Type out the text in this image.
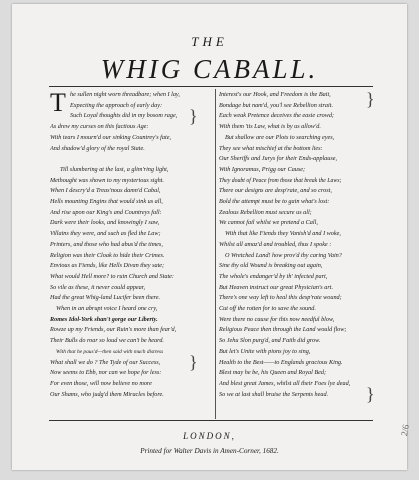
THE
WHIG CABALL.
T he sullen night worn threadbare; when I lay,
Expecting the approach of early day:
Such Loyal thoughts did in my bosom rage,
As drew my curses on this factious Age:
With tears I mourn'd our sinking Countrey's fate,
And shadow'd glory of the royal State.
Till slumbering at the last, a glim'ring light,
Methought was shown to my mysterious sight.
When I descry'd a Treas'nous damn'd Cabal,
Hells mounting Engins that would sink us all,
And rise upon our King's and Countreys fall:
Dark were their looks, and knowingly I saw,
Villains they were, and such as fled the Law;
Printers, and those who had abus'd the times,
Religion was their Cloak to hide their Crimes.
Envious as Fiends, like Hells Divan they sate;
What would Hell more? to ruin Church and State:
So vile as these, it never could appear,
Had the great Whig-land Lucifer been there.
When in an abrupt voice I heard one cry,
Romes Idol-York shan't gorge our Liberty.
Rowze up my Friends, our Ruin's more than fear'd,
Their Bulls do roar so loud we can't be heard.
With that he paus'd—then said with much distress
What shall we do ? The Tyde of our Success,
Now seems to Ebb, nor can we hope for less:
For even those, will now believe no more
Our Shams, who judg'd them Miracles before.
Interest's our Hook, and Freedom is the Bait,
Bondage but nam'd, you'l see Rebellion strait.
Each weak Pretence deceives the easie crowd;
With them 'tis Law, what is by us allow'd.
But shallow are our Plots to searching eyes,
They see what mischief at the bottom lies:
Our Sheriffs and Jurys for their Ends-applause,
With Ignoramus, Prigg our Cause;
They doubt of Peace from those that break the Laws;
There our designs are desp'rate, and so crost,
Bold the attempt must be to gain what's lost:
Zealous Rebellion must secure us all;
We cannot fail whilst we pretend a Call,
With that like Fiends they Vanish'd and I woke,
Whilst all amaz'd and troubled, thus I spoke :
O Wretched Land! how prov'd thy caring Vain?
Sine thy old Wound is breaking out again,
The whole's endanger'd by th' infected part,
But Heaven instruct our great Physician's art.
There's one way left to heal this desp'rate wound;
Cut off the rotten for to save the sound.
Were there no cause for this now needful blow,
Religious Peace then through the Land would flow;
So Jehu Slon purg'd, and Faith did grow.
But let's Unite with pions joy to sing,
Health to the Best——to Englands gracious King.
Blest may he be, his Queen and Royal Bed;
And blest great James, whilst all their Foes lye dead,
So we at last shall bruise the Serpents head.
}
}
}
}
LONDON,
Printed for Walter Davis in Amen-Corner, 1682.
2/6
